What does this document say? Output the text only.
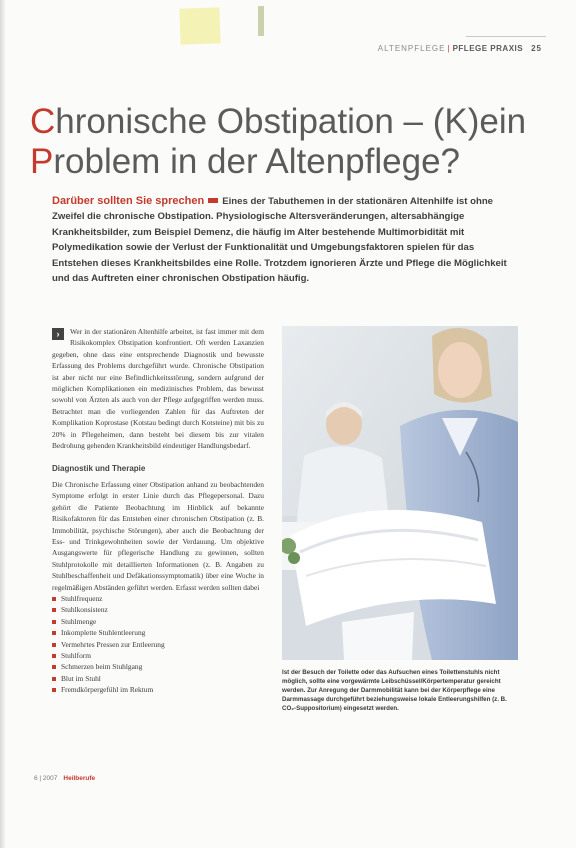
ALTENPFLEGE | PFLEGE PRAXIS 25
Chronische Obstipation – (K)ein
Problem in der Altenpflege?

Darüber sollten Sie sprechen Eines der Tabuthemen in der stationären Altenhilfe ist ohne Zweifel die chronische Obstipation. Physiologische Altersveränderungen, altersabhängige Krankheitsbilder, zum Beispiel Demenz, die häufig im Alter bestehende Multimorbidität mit Polymedikation sowie der Verlust der Funktionalität und Umgebungsfaktoren spielen für das Entstehen dieses Krankheitsbildes eine Rolle. Trotzdem ignorieren Ärzte und Pflege die Möglichkeit und das Auftreten einer chronischen Obstipation häufig.

›	Wer in der stationären Altenhilfe arbeitet, ist fast immer mit dem Risikokomplex Obstipation konfrontiert. Oft werden Laxanzien gegeben, ohne dass eine entsprechende Diagnostik und bewusste Erfassung des Problems durchgeführt wurde. Chronische Obstipation ist aber nicht nur eine Befindlichkeitsstörung, sondern aufgrund der möglichen Komplikationen ein medizinisches Problem, das bewusst sowohl von Ärzten als auch von der Pflege aufgegriffen werden muss. Betrachtet man die vorliegenden Zahlen für das Auftreten der Komplikation Koprostase (Kotstau bedingt durch Kotsteine) mit bis zu 20% in Pflegeheimen, dann besteht bei diesem bis zur vitalen Bedrohung gehenden Krankheitsbild eindeutiger Handlungsbedarf.

Diagnostik und Therapie

Die Chronische Erfassung einer Obstipation anhand zu beobachtenden Symptome erfolgt in erster Linie durch das Pflegepersonal. Dazu gehört die Patiente Beobachtung im Hinblick auf bekannte Risikofaktoren für das Entstehen einer chronischen Obstipation (z. B. Immobilität, psychische Störungen), aber auch die Beobachtung der Ess- und Trinkgewohnheiten sowie der Verdauung. Um objektive Ausgangswerte für pflegerische Handlung zu gewinnen, sollten Stuhlprotokolle mit detaillierten Informationen (z. B. Angaben zu Stuhlbeschaffenheit und Defäkationssymptomatik) über eine Woche in regelmäßigen Abständen geführt werden. Erfasst werden sollten dabei

Stuhlfrequenz
Stuhlkonsistenz
Stuhlmenge
Inkomplette Stuhlentleerung
Vermehrtes Pressen zur Entleerung
Stuhlform
Schmerzen beim Stuhlgang
Blut im Stuhl
Fremdkörpergefühl im Rektum

Ist der Besuch der Toilette oder das Aufsuchen eines Toilettenstuhls nicht möglich, sollte eine vorgewärmte Leibschüssel/Körpertemperatur gereicht werden. Zur Anregung der Darmmobilität kann bei der Körperpflege eine Darmmassage durchgeführt beziehungsweise lokale Entleerungshilfen (z. B. CO₂-Suppositorium) eingesetzt werden.

6 | 2007 Heilberufe
